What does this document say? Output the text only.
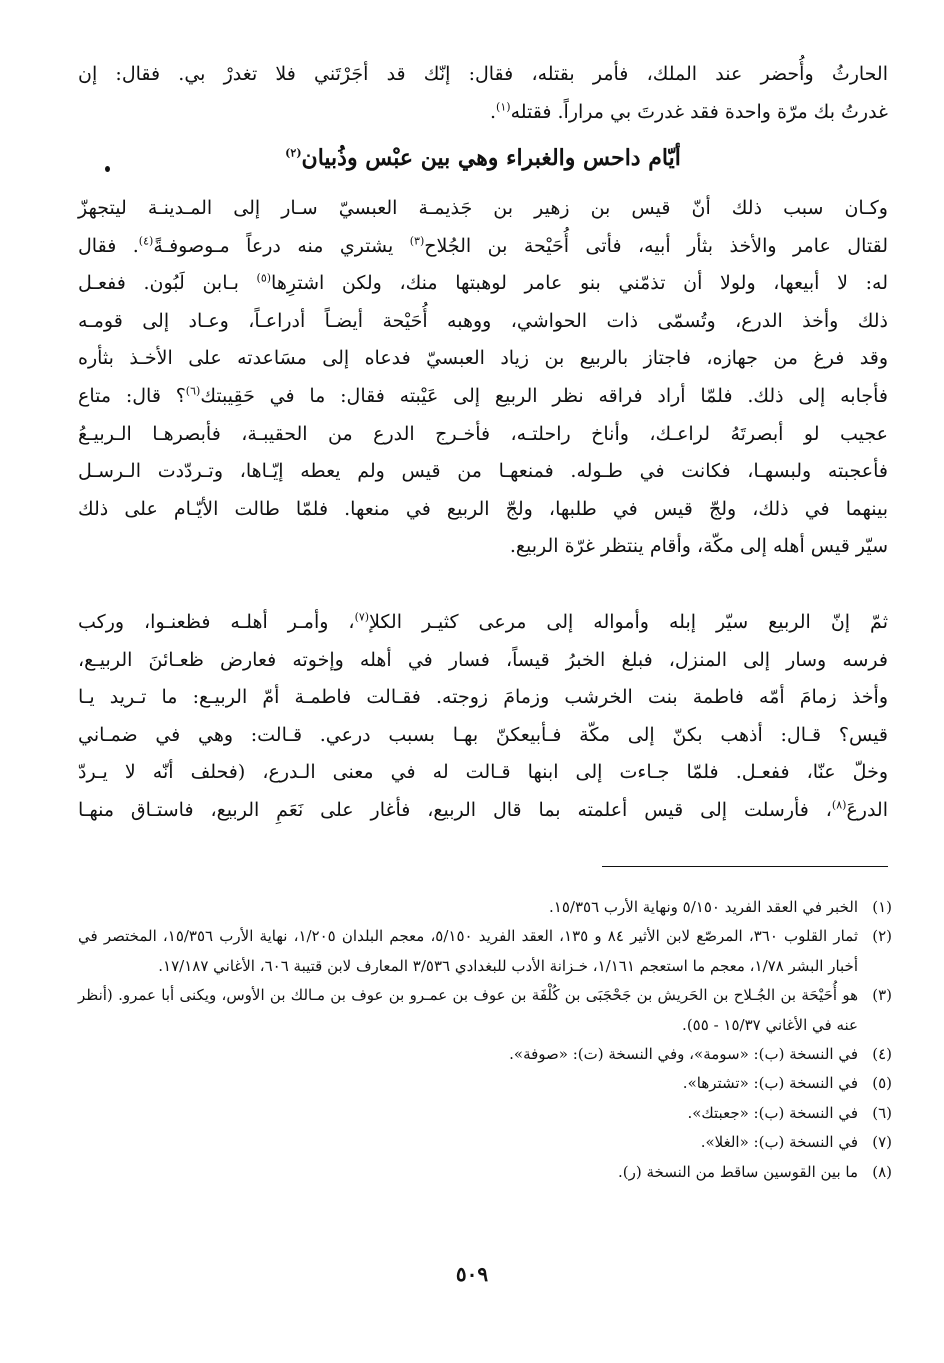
الحارثُ وأُحضر عند الملك، فأمر بقتله، فقال: إنّك قد أجَرْتَني فلا تغدرْ بي. فقال: إن
غدرتُ بك مرّة واحدة فقد غدرتَ بي مراراً. فقتله$^{(١)}$.
أيّام داحس والغبراء وهي بين عبْس وذُبيان$^{(٢)}$
وكـان سبب ذلك أنّ قيس بن زهير بن جَذيمـة العبسيّ سـار إلى المـدينـة ليتجهزّ
لقتال عامر والأخذ بثأر أبيه، فأتى أُحَيْحة بن الجُلاح$^{(٣)}$ يشتري منه درعاً مـوصوفـةً$^{(٤)}$. فقال
له: لا أبيعها، ولولا أن تذمّني بنو عامر لوهبتها منك، ولكن اشترِها$^{(٥)}$ بـابن لَبُون. ففعـل
ذلك وأخذ الدرع، وتُسمّى ذات الحواشي، ووهبه أُحَيْحة أيضـاً أدراعـاً، وعـاد إلى قومـه
وقد فرغ من جهازه، فاجتاز بالربيع بن زياد العبسيّ فدعاه إلى مسَاعدته على الأخـذ بثأره
فأجابه إلى ذلك. فلمّا أراد فراقه نظر الربيع إلى عَيْبته فقال: ما في حَقِيبتك$^{(٦)}$؟ قال: متاع
عجيب لو أبصرتَهُ لراعـك، وأناخ راحلتـه، فأخـرج الدرع من الحقيبـة، فأبصرهـا الـربيـعُ
فأعجبته ولبسهـا، فكانت في طـوله. فمنعهـا من قيس ولم يعطه إيّـاها، وتـردّدت الـرسـل
بينهما في ذلك، ولجّ قيس في طلبها، ولجّ الربيع في منعها. فلمّا طالت الأيّـام على ذلك
سيّر قيس أهله إلى مكّة، وأقام ينتظر غرّة الربيع.
ثمّ إنّ الربيع سيّر إبله وأمواله إلى مرعى كثيـر الكلإ$^{(٧)}$، وأمـر أهلـه فظعنـوا، وركب
فرسه وسار إلى المنزل، فبلغ الخبرُ قيساً، فسار في أهله وإخوته فعارض ظعـائنَ الربيـع،
وأخذ زمامَ أمّه فاطمة بنت الخرشب وزمامَ زوجته. فقـالت فاطمـة أمّ الربيـع: ما تـريد يـا
قيس؟ قـال: أذهب بكنّ إلى مكّة فـأبيعكنّ بهـا بسبب درعي. قـالت: وهي في ضمـاني
وخلّ عنّا، ففعـل. فلمّا جـاءت إلى ابنها قـالت له في معنى الـدرع، (فحلف أنّه لا يـردّ
الدرعَ$^{(٨)}$، فأرسلت إلى قيس أعلمته بما قال الربيع، فأغار على نَعَمِ الربيع، فاستـاق منهـا
(١)
الخبر في العقد الفريد ٥/١٥٠ ونهاية الأرب ١٥/٣٥٦.
(٢)
ثمار القلوب ٣٦٠، المرصّع لابن الأثير ٨٤ و ١٣٥، العقد الفريد ٥/١٥٠، معجم البلدان ١/٢٠٥، نهاية الأرب ١٥/٣٥٦، المختصر في أخبار البشر ١/٧٨، معجم ما استعجم ١/١٦١، خـزانة الأدب للبغدادي ٣/٥٣٦ المعارف لابن قتيبة ٦٠٦، الأغاني ١٧/١٨٧.
(٣)
هو أُحَيْحَة بن الجُـلاح بن الحَريش بن جَحْجَبَى بن كُلْفَة بن عوف بن عمـرو بن عوف بن مـالك بن الأوس، ويكنى أبا عمرو. (أنظر عنه في الأغاني ١٥/٣٧ - ٥٥).
(٤)
في النسخة (ب): «سومة»، وفي النسخة (ت): «صوفة».
(٥)
في النسخة (ب): «تشترها».
(٦)
في النسخة (ب): «جعبتك».
(٧)
في النسخة (ب): «الغلا».
(٨)
ما بين القوسين ساقط من النسخة (ر).
٥٠٩
